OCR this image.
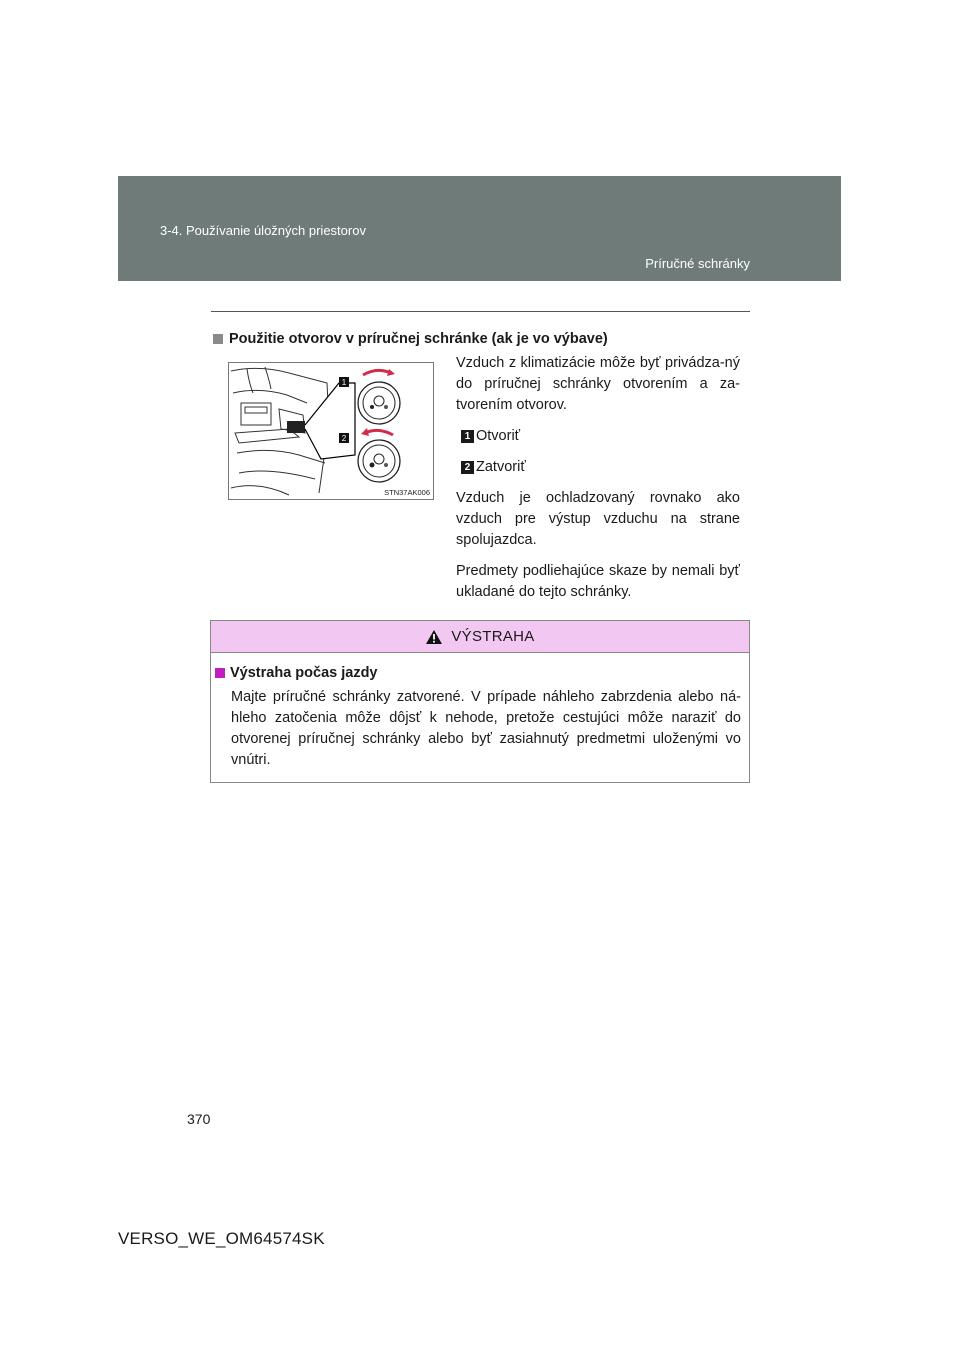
3-4. Používanie úložných priestorov
Príručné schránky
Použitie otvorov v príručnej schránke (ak je vo výbave)
1
2
STN37AK006

Vzduch z klimatizácie môže byť privádza-ný do príručnej schránky otvorením a za-tvorením otvorov.

1 Otvoriť
2 Zatvoriť

Vzduch je ochladzovaný rovnako ako vzduch pre výstup vzduchu na strane spolujazdca.

Predmety podliehajúce skaze by nemali byť ukladané do tejto schránky.

VÝSTRAHA
Výstraha počas jazdy

Majte príručné schránky zatvorené. V prípade náhleho zabrzdenia alebo ná-hleho zatočenia môže dôjsť k nehode, pretože cestujúci môže naraziť do otvorenej príručnej schránky alebo byť zasiahnutý predmetmi uloženými vo vnútri.

370
VERSO_WE_OM64574SK
